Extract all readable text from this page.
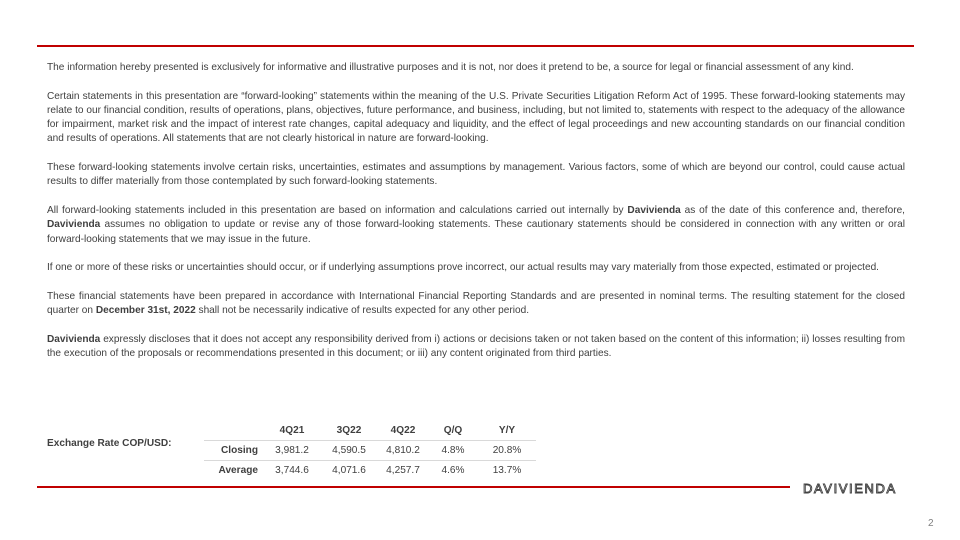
The information hereby presented is exclusively for informative and illustrative purposes and it is not, nor does it pretend to be, a source for legal or financial assessment of any kind.

Certain statements in this presentation are “forward-looking” statements within the meaning of the U.S. Private Securities Litigation Reform Act of 1995. These forward-looking statements may relate to our financial condition, results of operations, plans, objectives, future performance, and business, including, but not limited to, statements with respect to the adequacy of the allowance for impairment, market risk and the impact of interest rate changes, capital adequacy and liquidity, and the effect of legal proceedings and new accounting standards on our financial condition and results of operations. All statements that are not clearly historical in nature are forward-looking.

These forward-looking statements involve certain risks, uncertainties, estimates and assumptions by management. Various factors, some of which are beyond our control, could cause actual results to differ materially from those contemplated by such forward-looking statements.

All forward-looking statements included in this presentation are based on information and calculations carried out internally by Davivienda as of the date of this conference and, therefore, Davivienda assumes no obligation to update or revise any of those forward-looking statements. These cautionary statements should be considered in connection with any written or oral forward-looking statements that we may issue in the future.

If one or more of these risks or uncertainties should occur, or if underlying assumptions prove incorrect, our actual results may vary materially from those expected, estimated or projected.

These financial statements have been prepared in accordance with International Financial Reporting Standards and are presented in nominal terms. The resulting statement for the closed quarter on December 31st, 2022 shall not be necessarily indicative of results expected for any other period.

Davivienda expressly discloses that it does not accept any responsibility derived from i) actions or decisions taken or not taken based on the content of this information; ii) losses resulting from the execution of the proposals or recommendations presented in this document; or iii) any content originated from third parties.

Exchange Rate COP/USD:
	4Q21	3Q22	4Q22	Q/Q	Y/Y
Closing	3,981.2	4,590.5	4,810.2	4.8%	20.8%
Average	3,744.6	4,071.6	4,257.7	4.6%	13.7%
DAVIVIENDA
2
